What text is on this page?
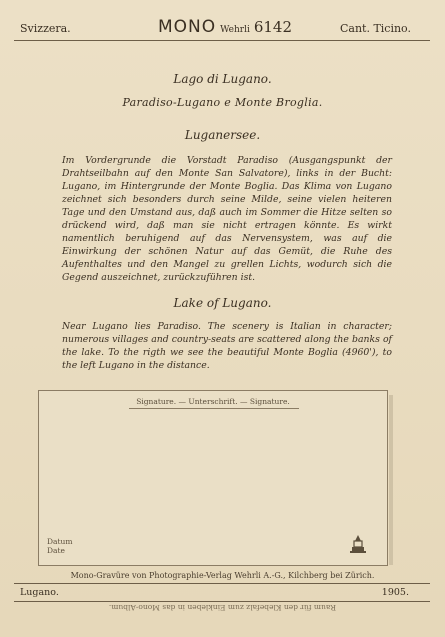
Svizzera.	MONO Wehrli 6142	Cant. Ticino.
Lago di Lugano.
Paradiso-Lugano e Monte Broglia.
Luganersee.
Im Vordergrunde die Vorstadt Paradiso (Ausgangspunkt der Drahtseilbahn auf den Monte San Salvatore), links in der Bucht: Lugano, im Hintergrunde der Monte Boglia. Das Klima von Lugano zeichnet sich besonders durch seine Milde, seine vielen heiteren Tage und den Umstand aus, daß auch im Sommer die Hitze selten so drückend wird, daß man sie nicht ertragen könnte. Es wirkt namentlich beruhigend auf das Nervensystem, was auf die Einwirkung der schönen Natur auf das Gemüt, die Ruhe des Aufenthaltes und den Mangel zu grellen Lichts, wodurch sich die Gegend auszeichnet, zurückzuführen ist.
Lake of Lugano.
Near Lugano lies Paradiso. The scenery is Italian in character; numerous villages and country-seats are scattered along the banks of the lake. To the rigth we see the beautiful Monte Boglia (4960'), to the left Lugano in the distance.
Signature. — Unterschrift. — Signature.
Datum
Date
Mono-Gravüre von Photographie-Verlag Wehrli A.-G., Kilchberg bei Zürich.
Lugano.	1905.
Raum für den Klebefalz zum Einkleben in das Mono-Album.
